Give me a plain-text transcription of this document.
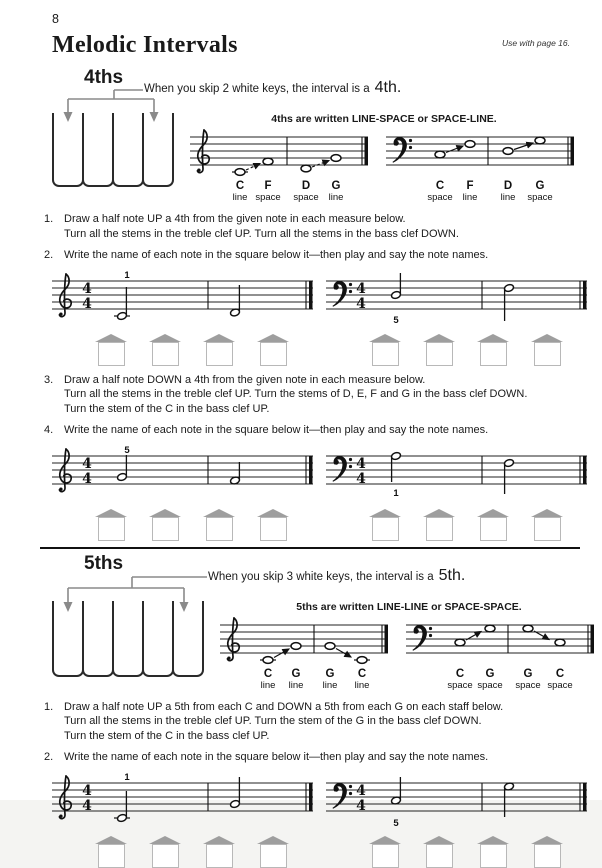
8
Use with page 16.
Melodic Intervals
4ths
When you skip 2 white keys, the interval is a 4th.
4ths are written LINE-SPACE or SPACE-LINE.
C
line
F
space
D
space
G
line
C
space
F
line
D
line
G
space
1. Draw a half note UP a 4th from the given note in each measure below.
Turn all the stems in the treble clef UP. Turn all the stems in the bass clef DOWN.
2. Write the name of each note in the square below it—then play and say the note names.
4
4
1
4
4
5
3. Draw a half note DOWN a 4th from the given note in each measure below.
Turn all the stems in the treble clef UP. Turn the stems of D, E, F and G in the bass clef DOWN.
Turn the stem of the C in the bass clef UP.
4. Write the name of each note in the square below it—then play and say the note names.
4
4
5
4
4
1
5ths
When you skip 3 white keys, the interval is a 5th.
5ths are written LINE-LINE or SPACE-SPACE.
C
line
G
line
G
line
C
line
C
space
G
space
G
space
C
space
1. Draw a half note UP a 5th from each C and DOWN a 5th from each G on each staff below.
Turn all the stems in the treble clef UP. Turn the stem of the G in the bass clef DOWN.
Turn the stem of the C in the bass clef UP.
2. Write the name of each note in the square below it—then play and say the note names.
4
4
1
4
4
5
